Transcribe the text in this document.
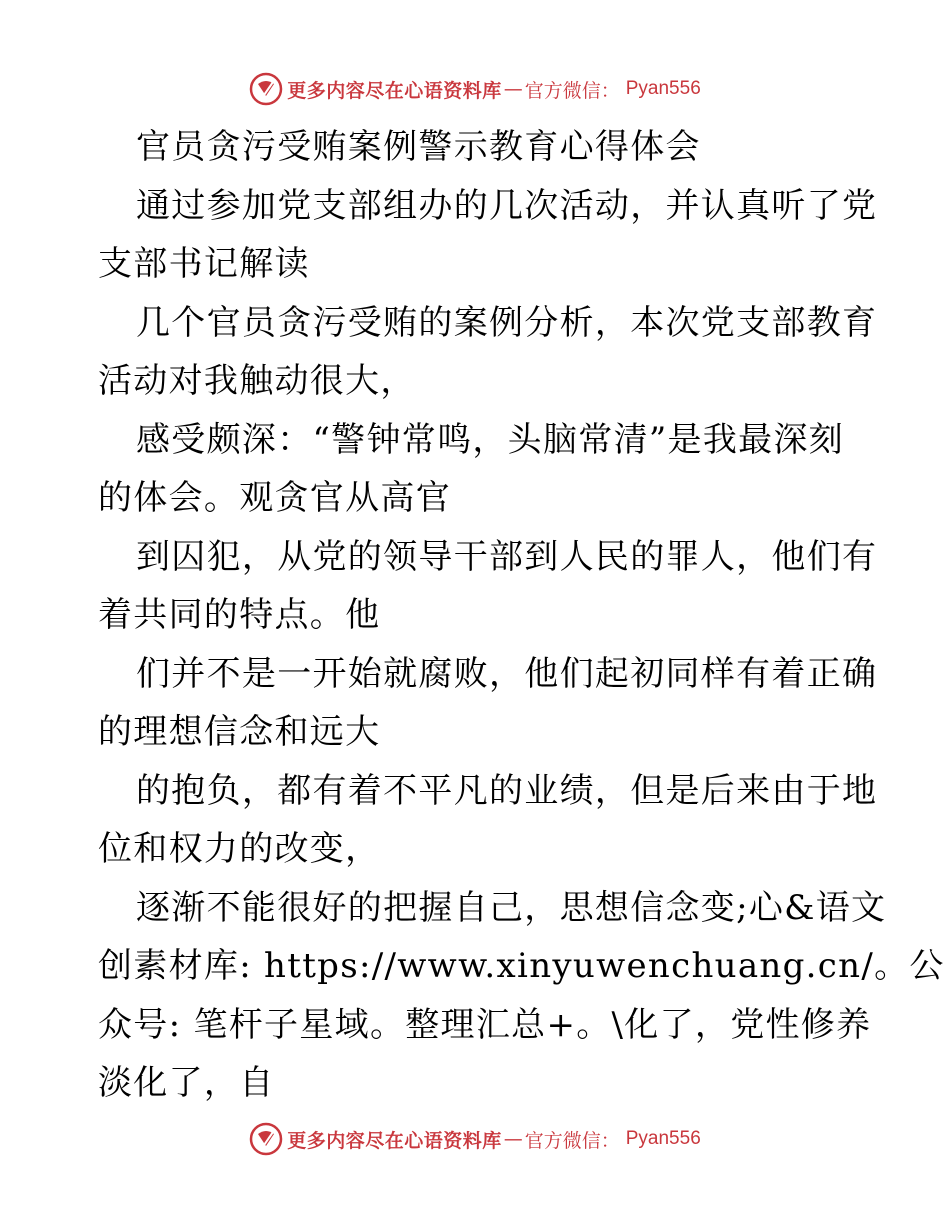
更多内容尽在心语资料库 — 官方微信： Pyan556
官员贪污受贿案例警示教育心得体会
通过参加党支部组办的几次活动，并认真听了党
支部书记解读
几个官员贪污受贿的案例分析，本次党支部教育
活动对我触动很大，
感受颇深：“警钟常鸣，头脑常清”是我最深刻
的体会。观贪官从高官
到囚犯，从党的领导干部到人民的罪人，他们有
着共同的特点。他
们并不是一开始就腐败，他们起初同样有着正确
的理想信念和远大
的抱负，都有着不平凡的业绩，但是后来由于地
位和权力的改变，
逐渐不能很好的把握自己，思想信念变;心&语文
创素材库: https://www.xinyuwenchuang.cn/。公
众号: 笔杆子星域。整理汇总+。\化了，党性修养
淡化了，自
更多内容尽在心语资料库 — 官方微信： Pyan556
